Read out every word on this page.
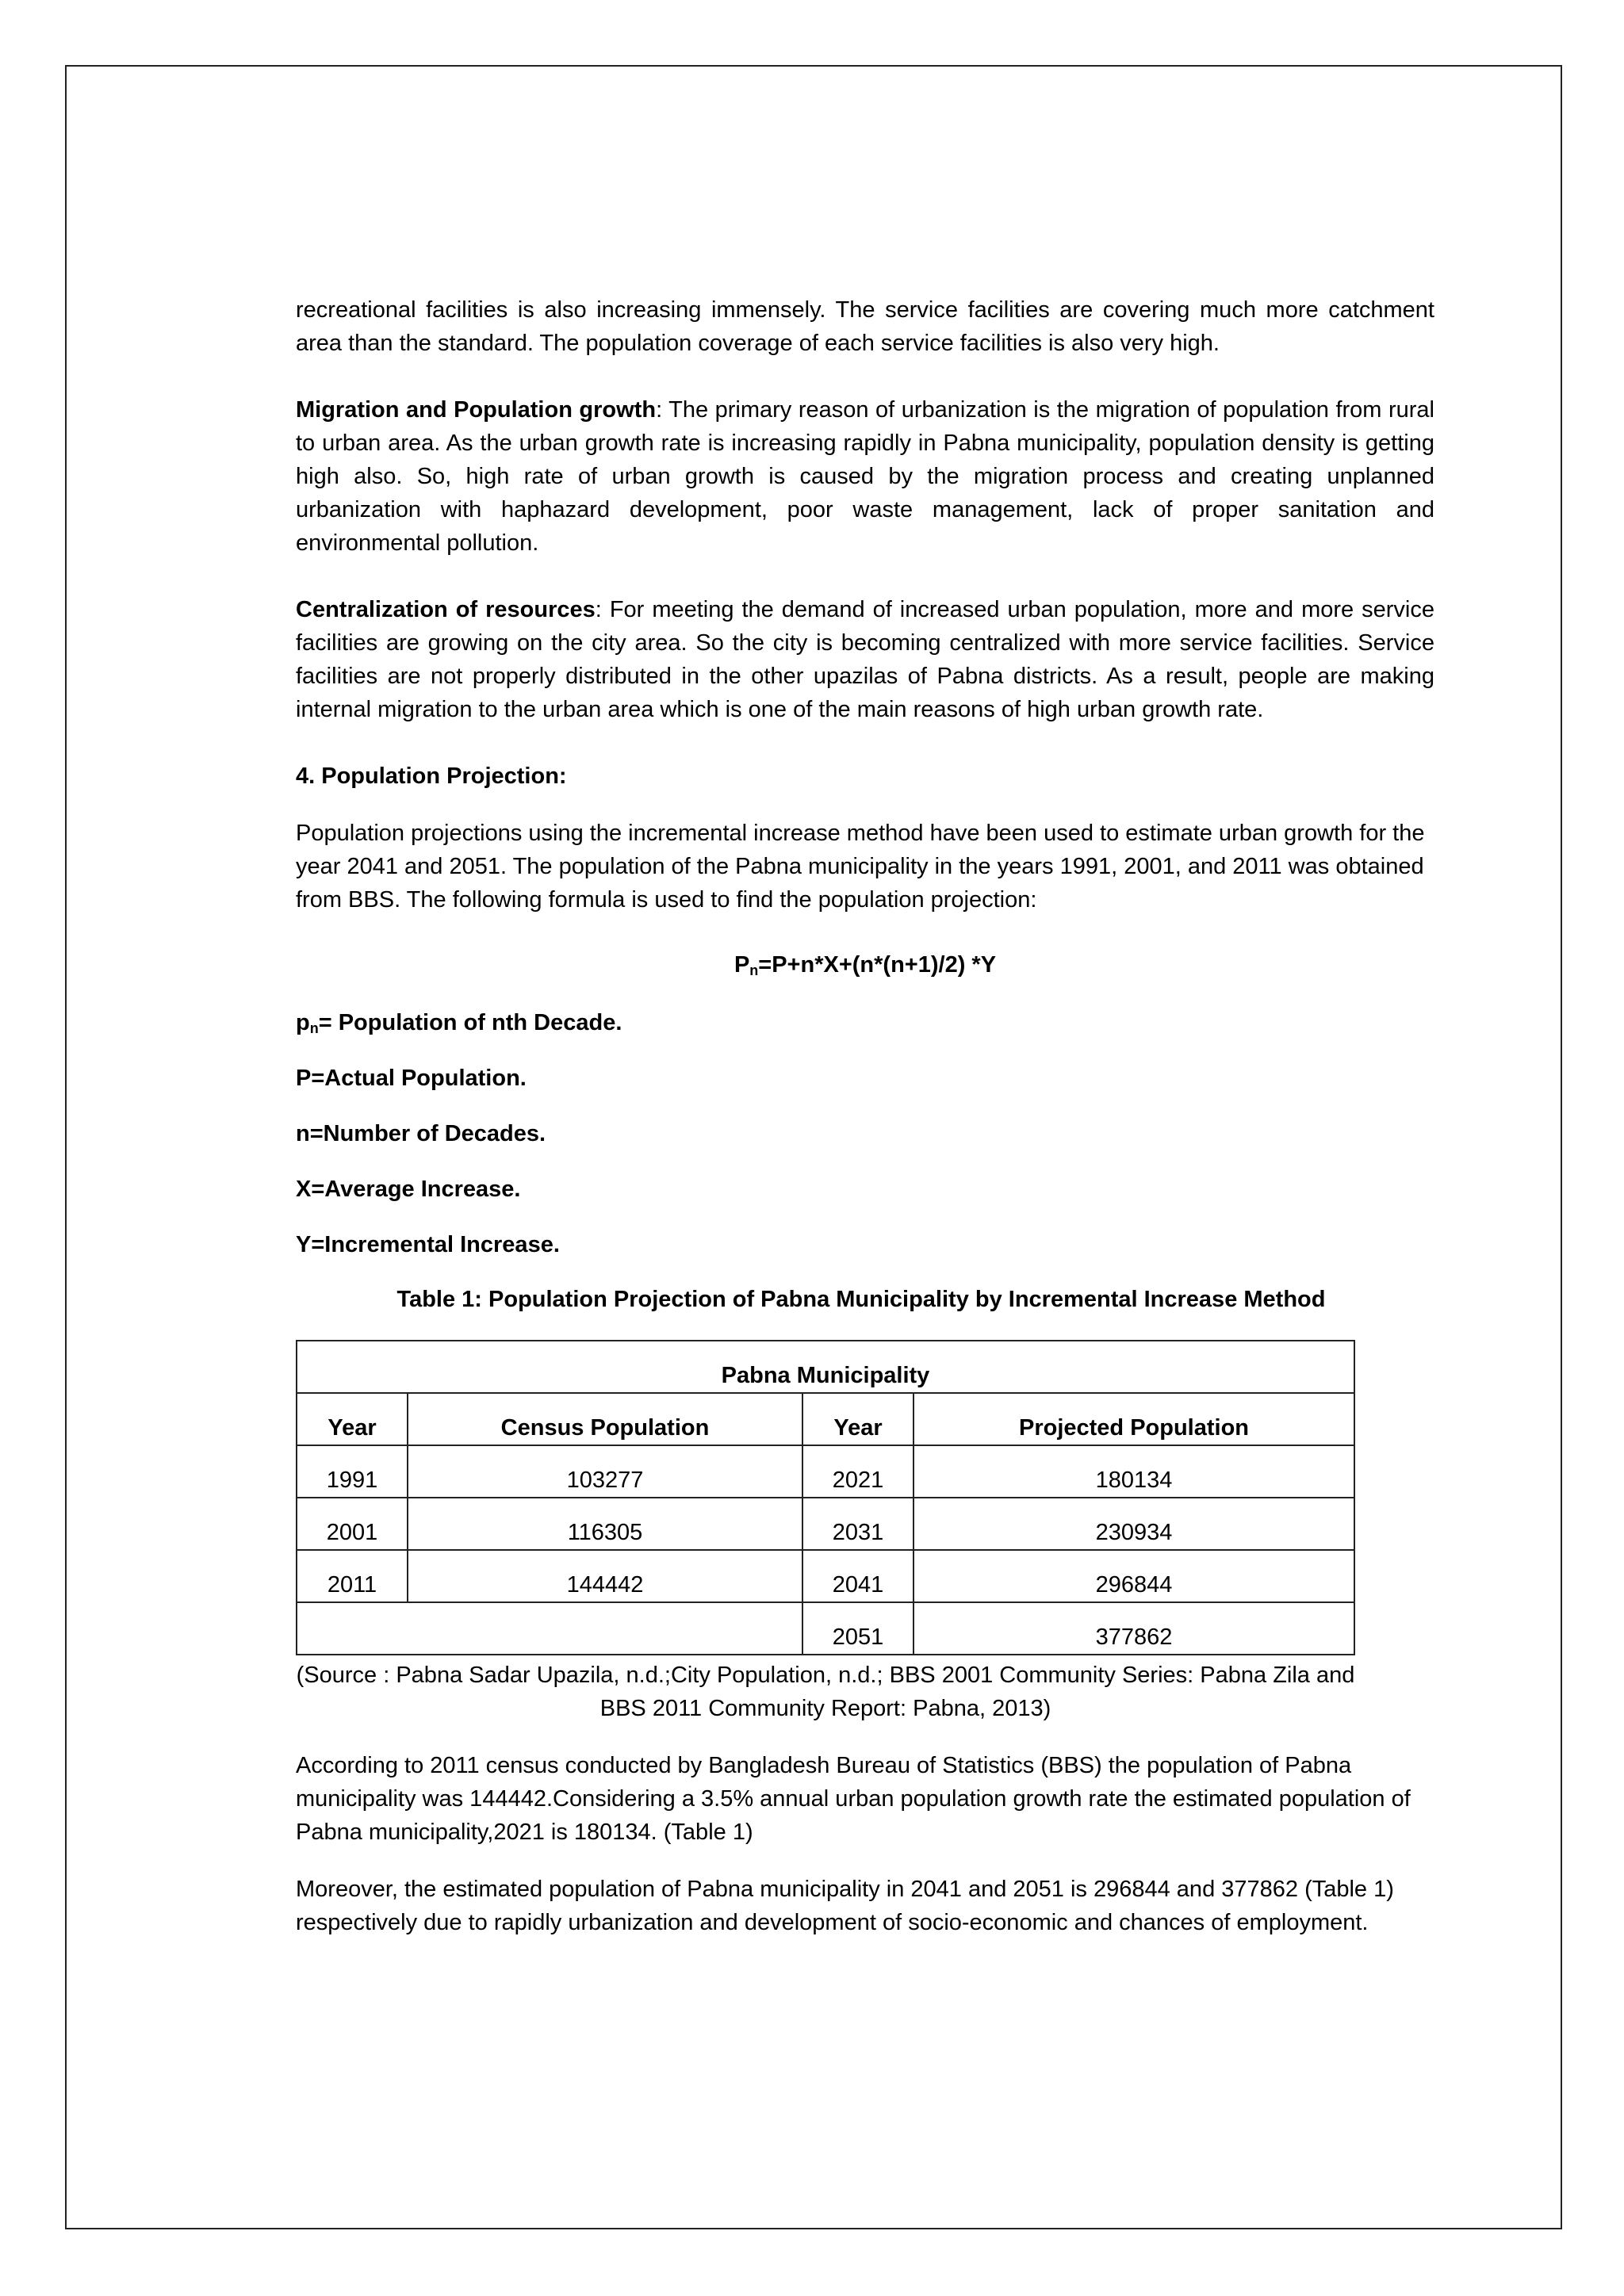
recreational facilities is also increasing immensely. The service facilities are covering much more catchment area than the standard. The population coverage of each service facilities is also very high.

Migration and Population growth: The primary reason of urbanization is the migration of population from rural to urban area. As the urban growth rate is increasing rapidly in Pabna municipality, population density is getting high also. So, high rate of urban growth is caused by the migration process and creating unplanned urbanization with haphazard development, poor waste management, lack of proper sanitation and environmental pollution.

Centralization of resources: For meeting the demand of increased urban population, more and more service facilities are growing on the city area. So the city is becoming centralized with more service facilities. Service facilities are not properly distributed in the other upazilas of Pabna districts. As a result, people are making internal migration to the urban area which is one of the main reasons of high urban growth rate.

4. Population Projection:

Population projections using the incremental increase method have been used to estimate urban growth for the year 2041 and 2051. The population of the Pabna municipality in the years 1991, 2001, and 2011 was obtained from BBS. The following formula is used to find the population projection:

$P_n=P+n*X+(n*(n+1)/2)$ *Y

$p_n=$ Population of nth Decade.

P=Actual Population.

n=Number of Decades.

X=Average Increase.

Y=Incremental Increase.

Table 1: Population Projection of Pabna Municipality by Incremental Increase Method

Pabna Municipality			
Year	Census Population	Year	Projected Population
1991	103277	2021	180134
2001	116305	2031	230934
2011	144442	2041	296844
		2051	377862

(Source : Pabna Sadar Upazila, n.d.;City Population, n.d.; BBS 2001 Community Series: Pabna Zila and

BBS 2011 Community Report: Pabna, 2013)

According to 2011 census conducted by Bangladesh Bureau of Statistics (BBS) the population of Pabna municipality was 144442.Considering a 3.5% annual urban population growth rate the estimated population of Pabna municipality,2021 is 180134. (Table 1)

Moreover, the estimated population of Pabna municipality in 2041 and 2051 is 296844 and 377862 (Table 1) respectively due to rapidly urbanization and development of socio-economic and chances of employment.
